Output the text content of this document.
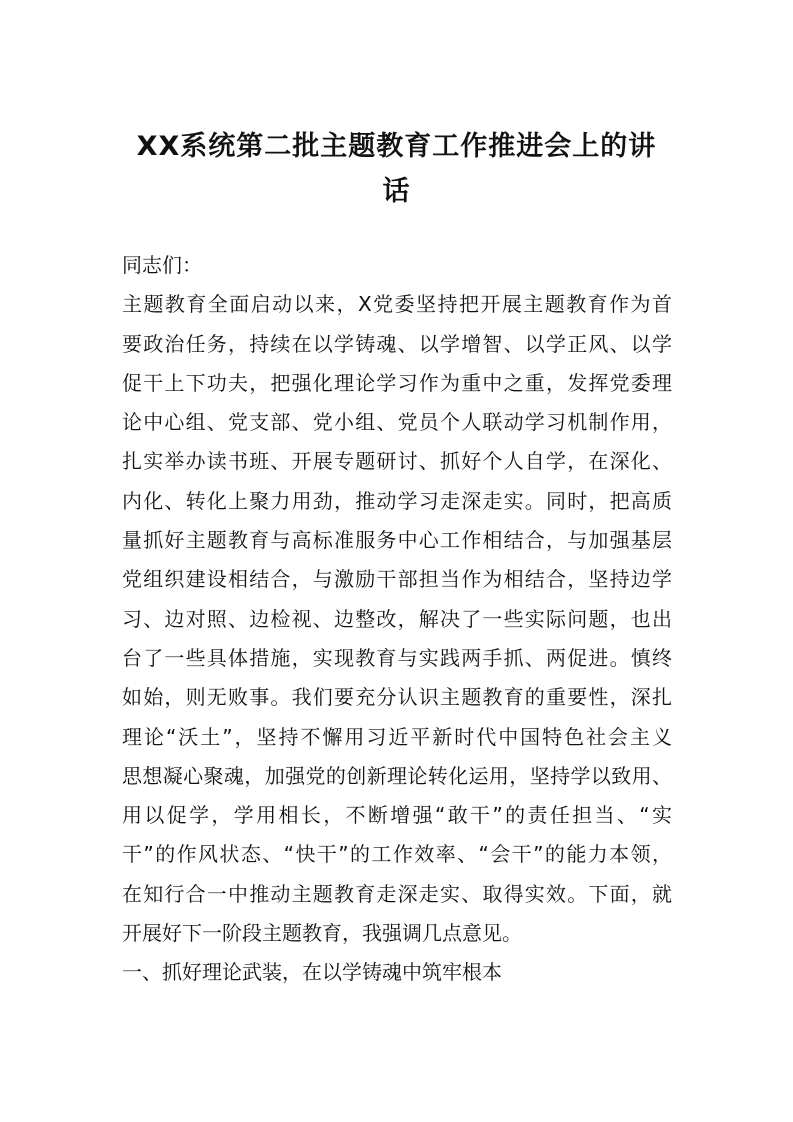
XX系统第二批主题教育工作推进会上的讲
话
同志们：
主题教育全面启动以来，X党委坚持把开展主题教育作为首
要政治任务，持续在以学铸魂、以学增智、以学正风、以学
促干上下功夫，把强化理论学习作为重中之重，发挥党委理
论中心组、党支部、党小组、党员个人联动学习机制作用，
扎实举办读书班、开展专题研讨、抓好个人自学，在深化、
内化、转化上聚力用劲，推动学习走深走实。同时，把高质
量抓好主题教育与高标准服务中心工作相结合，与加强基层
党组织建设相结合，与激励干部担当作为相结合，坚持边学
习、边对照、边检视、边整改，解决了一些实际问题，也出
台了一些具体措施，实现教育与实践两手抓、两促进。慎终
如始，则无败事。我们要充分认识主题教育的重要性，深扎
理论“沃土”，坚持不懈用习近平新时代中国特色社会主义
思想凝心聚魂，加强党的创新理论转化运用，坚持学以致用、
用以促学，学用相长，不断增强“敢干”的责任担当、“实
干”的作风状态、“快干”的工作效率、“会干”的能力本领，
在知行合一中推动主题教育走深走实、取得实效。下面，就
开展好下一阶段主题教育，我强调几点意见。
一、抓好理论武装，在以学铸魂中筑牢根本
